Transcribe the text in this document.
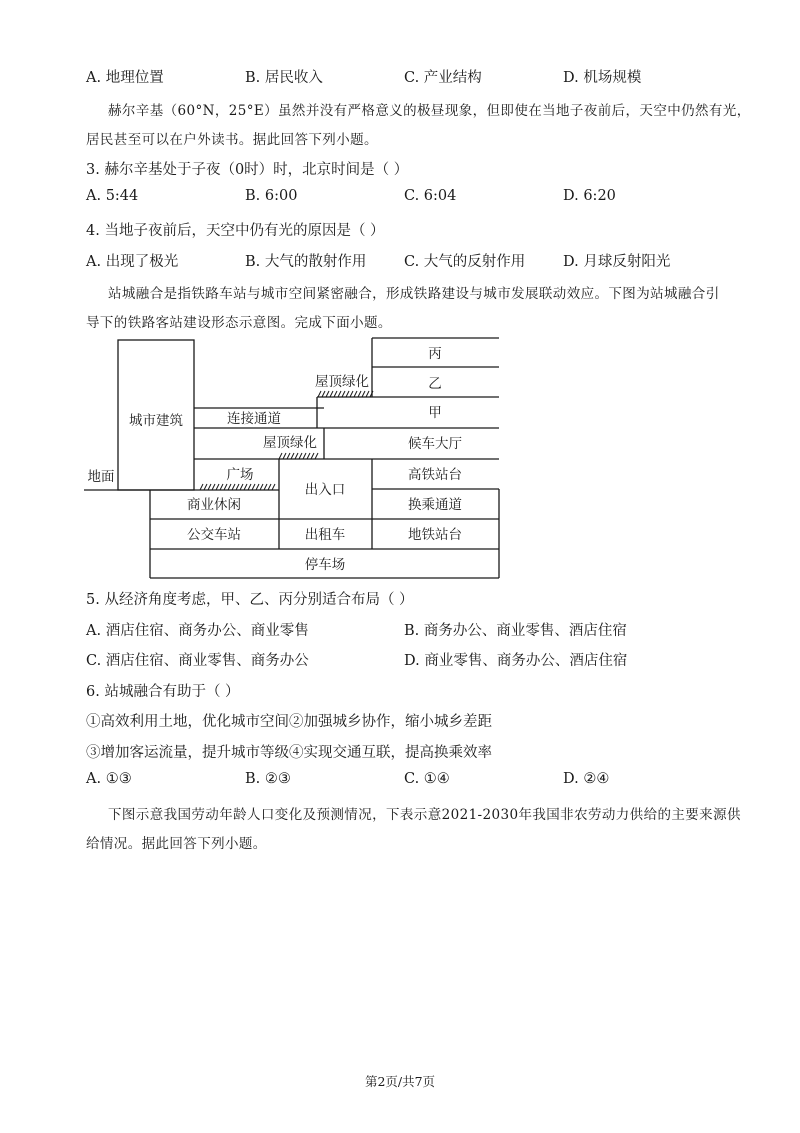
A. 地理位置	B. 居民收入	C. 产业结构	D. 机场规模
赫尔辛基（60°N，25°E）虽然并没有严格意义的极昼现象，但即使在当地子夜前后，天空中仍然有光，
居民甚至可以在户外读书。据此回答下列小题。
3. 赫尔辛基处于子夜（0时）时，北京时间是（ ）
A. 5:44	B. 6:00	C. 6:04	D. 6:20
4. 当地子夜前后，天空中仍有光的原因是（ ）
A. 出现了极光	B. 大气的散射作用	C. 大气的反射作用	D. 月球反射阳光
站城融合是指铁路车站与城市空间紧密融合，形成铁路建设与城市发展联动效应。下图为站城融合引
导下的铁路客站建设形态示意图。完成下面小题。
丙
乙
甲
屋顶绿化
城市建筑	连接通道
候车大厅
屋顶绿化
地面	广场
出入口
高铁站台
商业休闲	换乘通道
公交车站	出租车	地铁站台
停车场
5. 从经济角度考虑，甲、乙、丙分别适合布局（ ）
A. 酒店住宿、商务办公、商业零售	B. 商务办公、商业零售、酒店住宿
C. 酒店住宿、商业零售、商务办公	D. 商业零售、商务办公、酒店住宿
6. 站城融合有助于（ ）
①高效利用土地，优化城市空间②加强城乡协作，缩小城乡差距
③增加客运流量，提升城市等级④实现交通互联，提高换乘效率
A. ①③	B. ②③	C. ①④	D. ②④
下图示意我国劳动年龄人口变化及预测情况，下表示意2021-2030年我国非农劳动力供给的主要来源供
给情况。据此回答下列小题。
第2页/共7页
